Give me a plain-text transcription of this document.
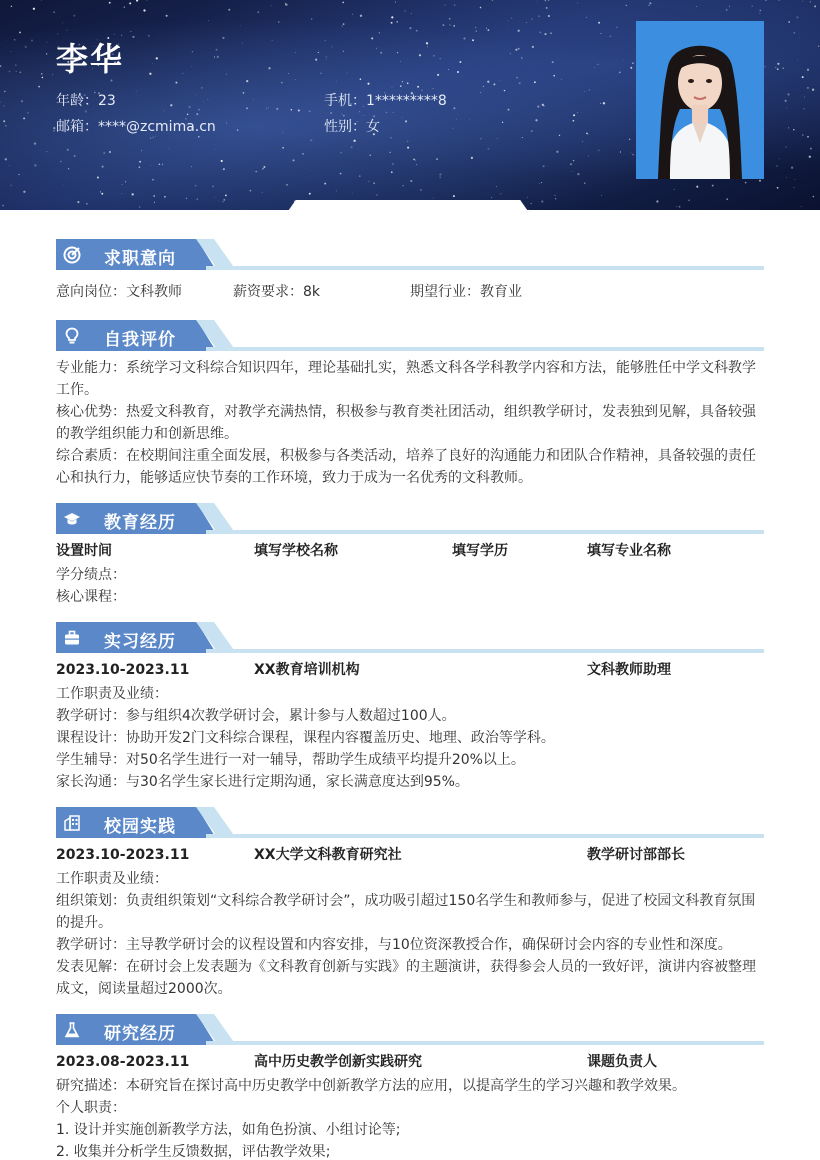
李华
年龄：23	手机：1*********8
邮箱：****@zcmima.cn	性别：女
求职意向
意向岗位：文科教师	薪资要求：8k	期望行业：教育业
自我评价
专业能力：系统学习文科综合知识四年，理论基础扎实，熟悉文科各学科教学内容和方法，能够胜任中学文科教学工作。
核心优势：热爱文科教育，对教学充满热情，积极参与教育类社团活动，组织教学研讨，发表独到见解，具备较强的教学组织能力和创新思维。
综合素质：在校期间注重全面发展，积极参与各类活动，培养了良好的沟通能力和团队合作精神，具备较强的责任心和执行力，能够适应快节奏的工作环境，致力于成为一名优秀的文科教师。
教育经历
设置时间	填写学校名称	填写学历	填写专业名称
学分绩点：
核心课程：
实习经历
2023.10-2023.11	XX教育培训机构	文科教师助理
工作职责及业绩：
教学研讨：参与组织4次教学研讨会，累计参与人数超过100人。
课程设计：协助开发2门文科综合课程，课程内容覆盖历史、地理、政治等学科。
学生辅导：对50名学生进行一对一辅导，帮助学生成绩平均提升20%以上。
家长沟通：与30名学生家长进行定期沟通，家长满意度达到95%。
校园实践
2023.10-2023.11	XX大学文科教育研究社	教学研讨部部长
工作职责及业绩：
组织策划：负责组织策划“文科综合教学研讨会”，成功吸引超过150名学生和教师参与，促进了校园文科教育氛围的提升。
教学研讨：主导教学研讨会的议程设置和内容安排，与10位资深教授合作，确保研讨会内容的专业性和深度。
发表见解：在研讨会上发表题为《文科教育创新与实践》的主题演讲，获得参会人员的一致好评，演讲内容被整理成文，阅读量超过2000次。
研究经历
2023.08-2023.11	高中历史教学创新实践研究	课题负责人
研究描述：本研究旨在探讨高中历史教学中创新教学方法的应用，以提高学生的学习兴趣和教学效果。
个人职责：
1. 设计并实施创新教学方法，如角色扮演、小组讨论等;
2. 收集并分析学生反馈数据，评估教学效果;
